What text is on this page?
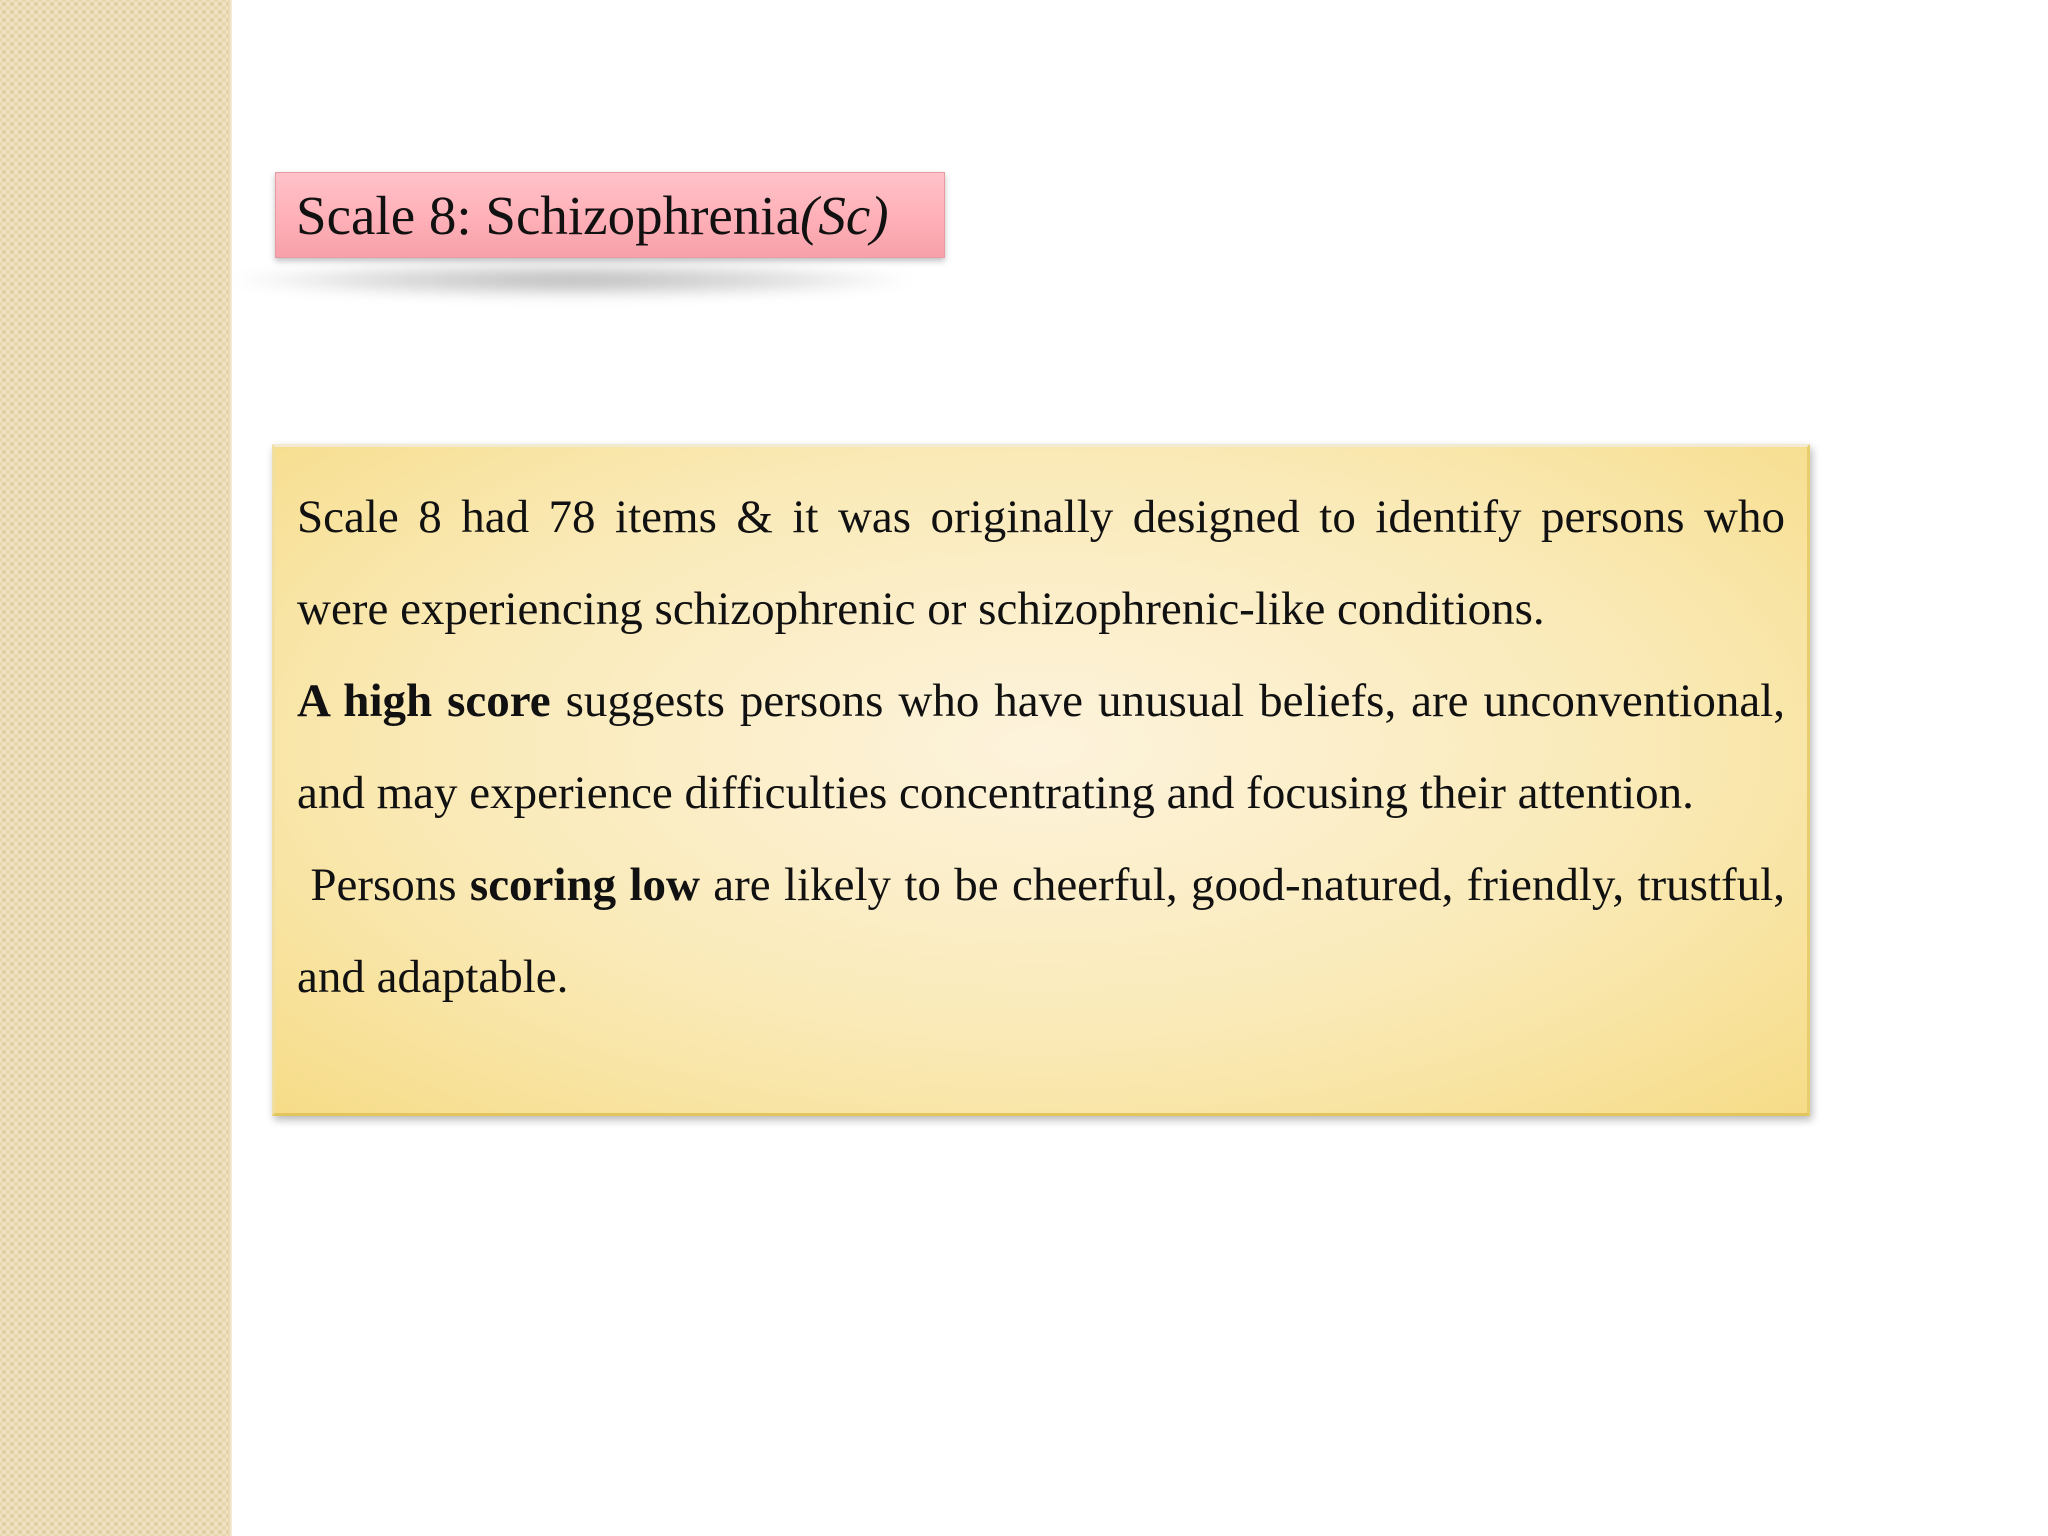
Scale 8: Schizophrenia (Sc)

Scale 8 had 78 items & it was originally designed to identify persons who were experiencing schizophrenic or schizophrenic-like conditions.

A high score suggests persons who have unusual beliefs, are unconventional, and may experience difficulties concentrating and focusing their attention.

Persons scoring low are likely to be cheerful, good-natured, friendly, trustful, and adaptable.
